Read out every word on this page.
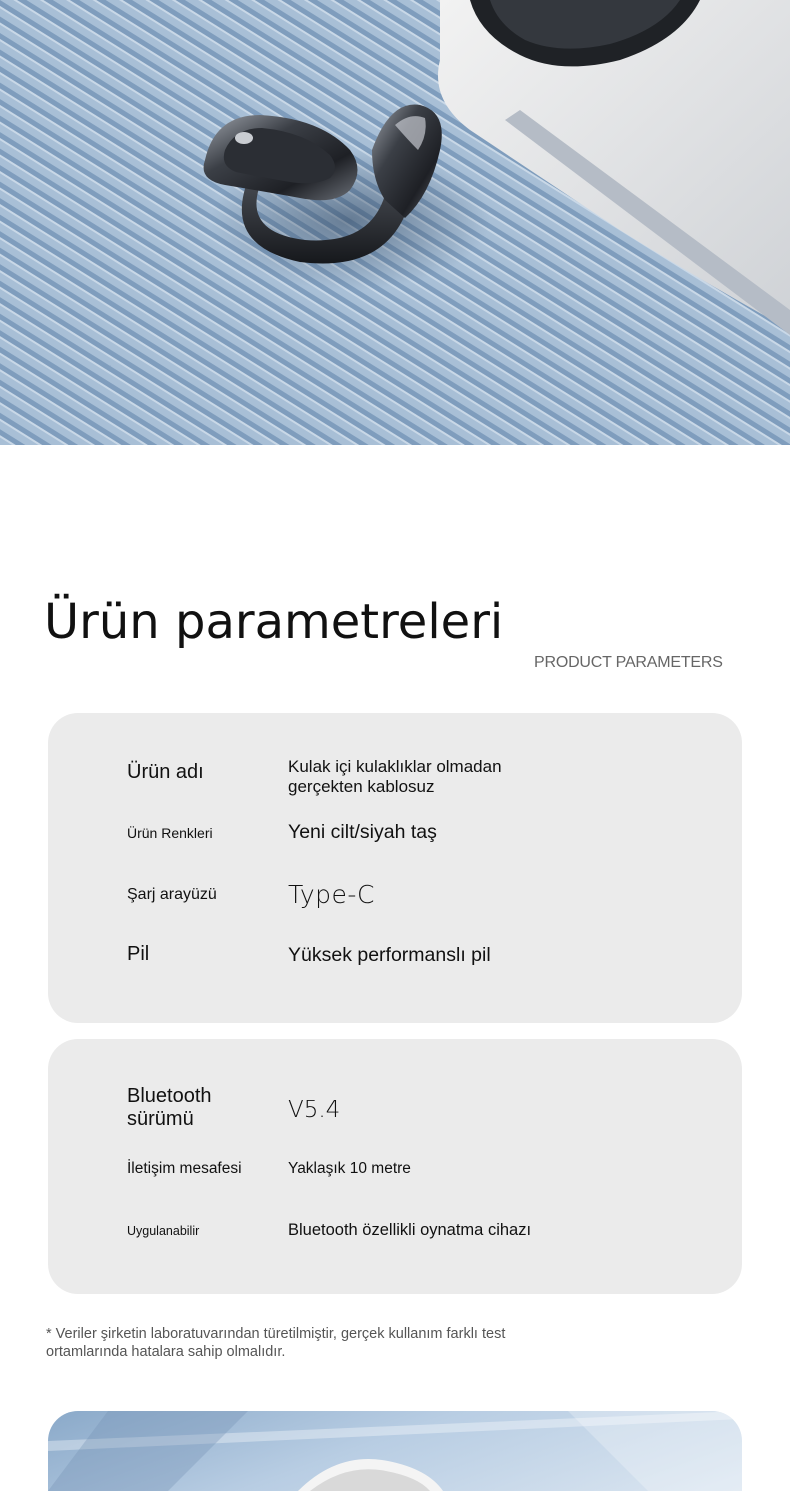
Ürün parametreleri
PRODUCT PARAMETERS
Ürün adı	Kulak içi kulaklıklar olmadan
gerçekten kablosuz
Ürün Renkleri	Yeni cilt/siyah taş
Şarj arayüzü	Type-C
Pil	Yüksek performanslı pil
Bluetooth
sürümü	V5.4
İletişim mesafesi	Yaklaşık 10 metre
Uygulanabilir	Bluetooth özellikli oynatma cihazı
* Veriler şirketin laboratuvarından türetilmiştir, gerçek kullanım farklı test
ortamlarında hatalara sahip olmalıdır.
